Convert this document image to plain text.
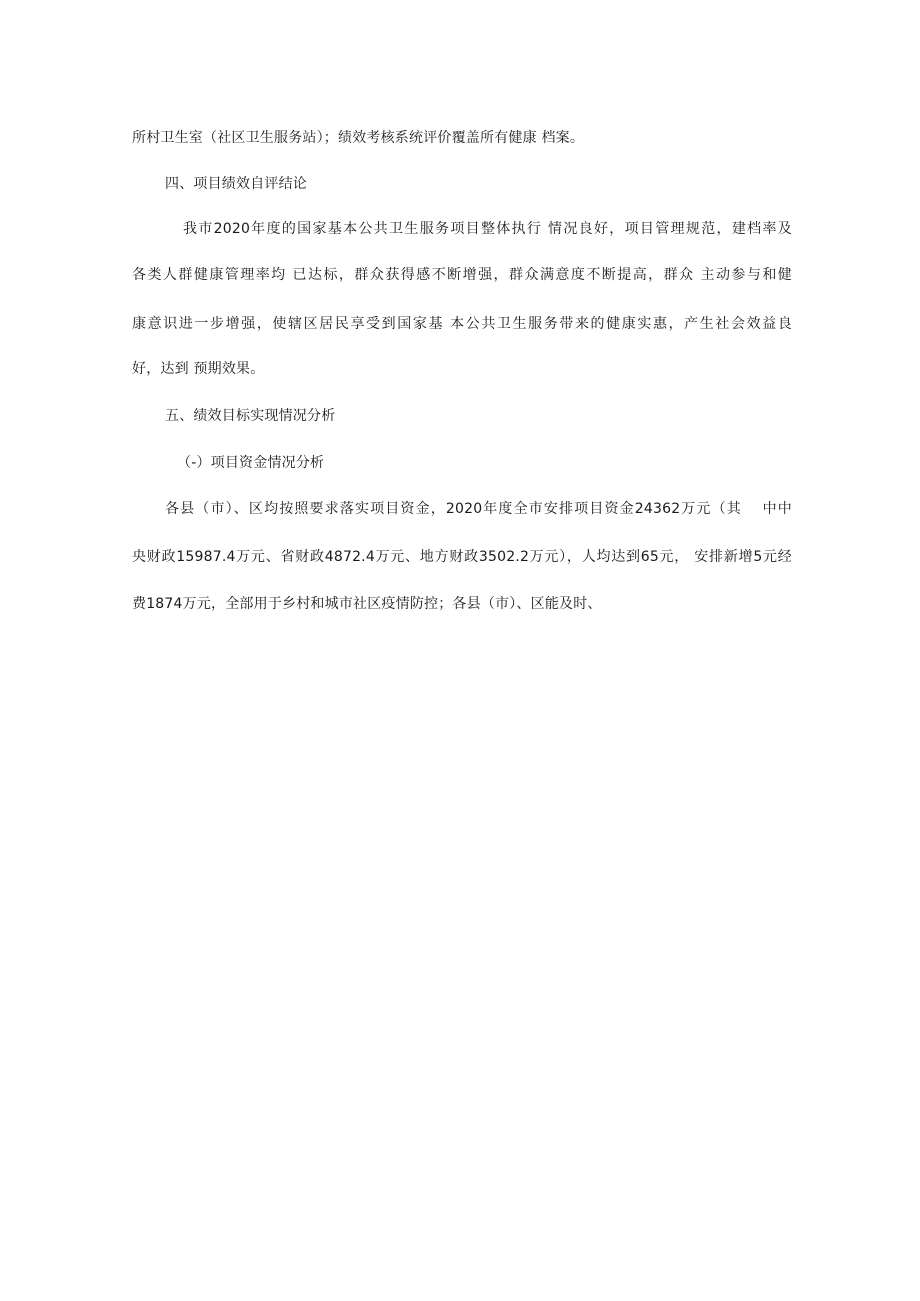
所村卫生室（社区卫生服务站）；绩效考核系统评价覆盖所有健康 档案。
四、项目绩效自评结论
我市2020年度的国家基本公共卫生服务项目整体执行 情况良好，项目管理规范，建档率及
各类人群健康管理率均 已达标，群众获得感不断增强，群众满意度不断提高，群众 主动参与和健
康意识进一步增强，使辖区居民享受到国家基 本公共卫生服务带来的健康实惠，产生社会效益良
好，达到 预期效果。
五、绩效目标实现情况分析
（-）项目资金情况分析
各县（市）、区均按照要求落实项目资金，2020年度全市安排项目资金24362万元（其　 中中
央财政15987.4万元、省财政4872.4万元、地方财政3502.2万元），人均达到65元， 安排新增5元经
费1874万元，全部用于乡村和城市社区疫情防控；各县（市）、区能及时、
